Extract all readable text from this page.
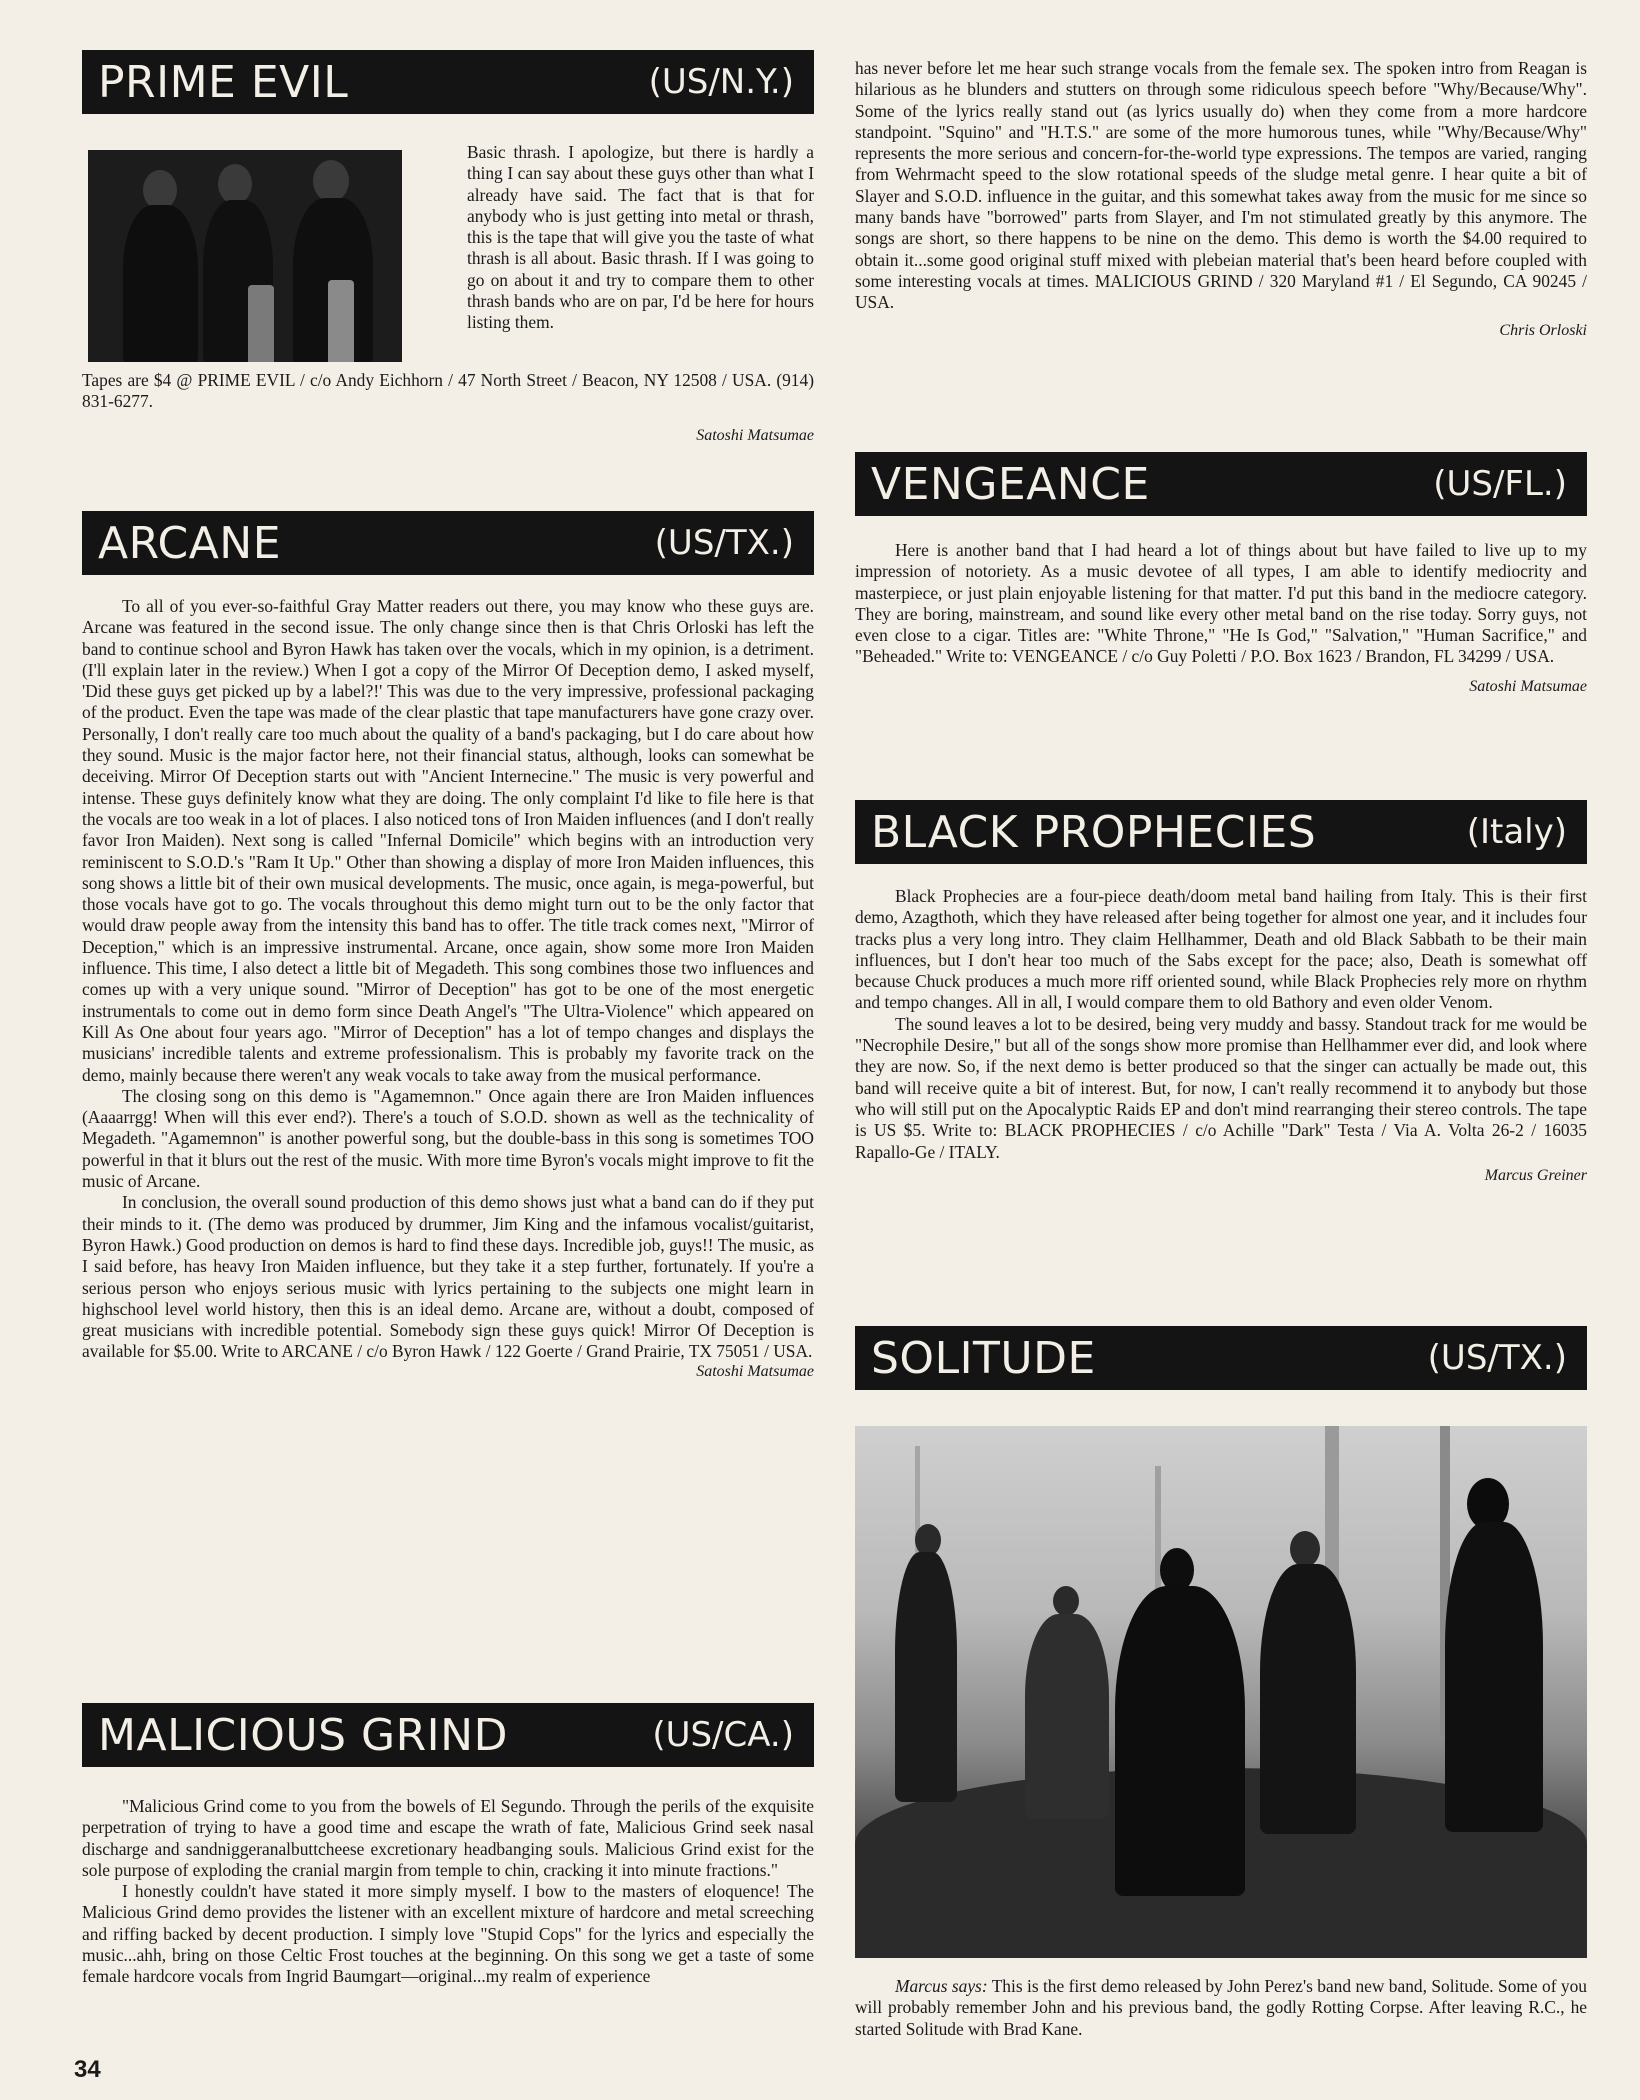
PRIME EVIL	(US/N.Y.)

Basic thrash. I apologize, but there is hardly a thing I can say about these guys other than what I already have said. The fact that is that for anybody who is just getting into metal or thrash, this is the tape that will give you the taste of what thrash is all about. Basic thrash. If I was going to go on about it and try to compare them to other thrash bands who are on par, I'd be here for hours listing them.

Tapes are $4 @ PRIME EVIL / c/o Andy Eichhorn / 47 North Street / Beacon, NY 12508 / USA. (914) 831-6277.

Satoshi Matsumae
ARCANE	(US/TX.)

To all of you ever-so-faithful Gray Matter readers out there, you may know who these guys are. Arcane was featured in the second issue. The only change since then is that Chris Orloski has left the band to continue school and Byron Hawk has taken over the vocals, which in my opinion, is a detriment. (I'll explain later in the review.) When I got a copy of the Mirror Of Deception demo, I asked myself, 'Did these guys get picked up by a label?!' This was due to the very impressive, professional packaging of the product. Even the tape was made of the clear plastic that tape manufacturers have gone crazy over. Personally, I don't really care too much about the quality of a band's packaging, but I do care about how they sound. Music is the major factor here, not their financial status, although, looks can somewhat be deceiving. Mirror Of Deception starts out with "Ancient Internecine." The music is very powerful and intense. These guys definitely know what they are doing. The only complaint I'd like to file here is that the vocals are too weak in a lot of places. I also noticed tons of Iron Maiden influences (and I don't really favor Iron Maiden). Next song is called "Infernal Domicile" which begins with an introduction very reminiscent to S.O.D.'s "Ram It Up." Other than showing a display of more Iron Maiden influences, this song shows a little bit of their own musical developments. The music, once again, is mega-powerful, but those vocals have got to go. The vocals throughout this demo might turn out to be the only factor that would draw people away from the intensity this band has to offer. The title track comes next, "Mirror of Deception," which is an impressive instrumental. Arcane, once again, show some more Iron Maiden influence. This time, I also detect a little bit of Megadeth. This song combines those two influences and comes up with a very unique sound. "Mirror of Deception" has got to be one of the most energetic instrumentals to come out in demo form since Death Angel's "The Ultra-Violence" which appeared on Kill As One about four years ago. "Mirror of Deception" has a lot of tempo changes and displays the musicians' incredible talents and extreme professionalism. This is probably my favorite track on the demo, mainly because there weren't any weak vocals to take away from the musical performance.

The closing song on this demo is "Agamemnon." Once again there are Iron Maiden influences (Aaaarrgg! When will this ever end?). There's a touch of S.O.D. shown as well as the technicality of Megadeth. "Agamemnon" is another powerful song, but the double-bass in this song is sometimes TOO powerful in that it blurs out the rest of the music. With more time Byron's vocals might improve to fit the music of Arcane.

In conclusion, the overall sound production of this demo shows just what a band can do if they put their minds to it. (The demo was produced by drummer, Jim King and the infamous vocalist/guitarist, Byron Hawk.) Good production on demos is hard to find these days. Incredible job, guys!! The music, as I said before, has heavy Iron Maiden influence, but they take it a step further, fortunately. If you're a serious person who enjoys serious music with lyrics pertaining to the subjects one might learn in highschool level world history, then this is an ideal demo. Arcane are, without a doubt, composed of great musicians with incredible potential. Somebody sign these guys quick! Mirror Of Deception is available for $5.00. Write to ARCANE / c/o Byron Hawk / 122 Goerte / Grand Prairie, TX 75051 / USA.

Satoshi Matsumae
MALICIOUS GRIND	(US/CA.)

"Malicious Grind come to you from the bowels of El Segundo. Through the perils of the exquisite perpetration of trying to have a good time and escape the wrath of fate, Malicious Grind seek nasal discharge and sandniggeranalbuttcheese excretionary headbanging souls. Malicious Grind exist for the sole purpose of exploding the cranial margin from temple to chin, cracking it into minute fractions."

I honestly couldn't have stated it more simply myself. I bow to the masters of eloquence! The Malicious Grind demo provides the listener with an excellent mixture of hardcore and metal screeching and riffing backed by decent production. I simply love "Stupid Cops" for the lyrics and especially the music...ahh, bring on those Celtic Frost touches at the beginning. On this song we get a taste of some female hardcore vocals from Ingrid Baumgart—original...my realm of experience

has never before let me hear such strange vocals from the female sex. The spoken intro from Reagan is hilarious as he blunders and stutters on through some ridiculous speech before "Why/Because/Why". Some of the lyrics really stand out (as lyrics usually do) when they come from a more hardcore standpoint. "Squino" and "H.T.S." are some of the more humorous tunes, while "Why/Because/Why" represents the more serious and concern-for-the-world type expressions. The tempos are varied, ranging from Wehrmacht speed to the slow rotational speeds of the sludge metal genre. I hear quite a bit of Slayer and S.O.D. influence in the guitar, and this somewhat takes away from the music for me since so many bands have "borrowed" parts from Slayer, and I'm not stimulated greatly by this anymore. The songs are short, so there happens to be nine on the demo. This demo is worth the $4.00 required to obtain it...some good original stuff mixed with plebeian material that's been heard before coupled with some interesting vocals at times. MALICIOUS GRIND / 320 Maryland #1 / El Segundo, CA 90245 / USA.

Chris Orloski
VENGEANCE	(US/FL.)

Here is another band that I had heard a lot of things about but have failed to live up to my impression of notoriety. As a music devotee of all types, I am able to identify mediocrity and masterpiece, or just plain enjoyable listening for that matter. I'd put this band in the mediocre category. They are boring, mainstream, and sound like every other metal band on the rise today. Sorry guys, not even close to a cigar. Titles are: "White Throne," "He Is God," "Salvation," "Human Sacrifice," and "Beheaded." Write to: VENGEANCE / c/o Guy Poletti / P.O. Box 1623 / Brandon, FL 34299 / USA.

Satoshi Matsumae
BLACK PROPHECIES	(Italy)

Black Prophecies are a four-piece death/doom metal band hailing from Italy. This is their first demo, Azagthoth, which they have released after being together for almost one year, and it includes four tracks plus a very long intro. They claim Hellhammer, Death and old Black Sabbath to be their main influences, but I don't hear too much of the Sabs except for the pace; also, Death is somewhat off because Chuck produces a much more riff oriented sound, while Black Prophecies rely more on rhythm and tempo changes. All in all, I would compare them to old Bathory and even older Venom.

The sound leaves a lot to be desired, being very muddy and bassy. Standout track for me would be "Necrophile Desire," but all of the songs show more promise than Hellhammer ever did, and look where they are now. So, if the next demo is better produced so that the singer can actually be made out, this band will receive quite a bit of interest. But, for now, I can't really recommend it to anybody but those who will still put on the Apocalyptic Raids EP and don't mind rearranging their stereo controls. The tape is US $5. Write to: BLACK PROPHECIES / c/o Achille "Dark" Testa / Via A. Volta 26-2 / 16035 Rapallo-Ge / ITALY.

Marcus Greiner
SOLITUDE	(US/TX.)

Marcus says: This is the first demo released by John Perez's band new band, Solitude. Some of you will probably remember John and his previous band, the godly Rotting Corpse. After leaving R.C., he started Solitude with Brad Kane.

34
